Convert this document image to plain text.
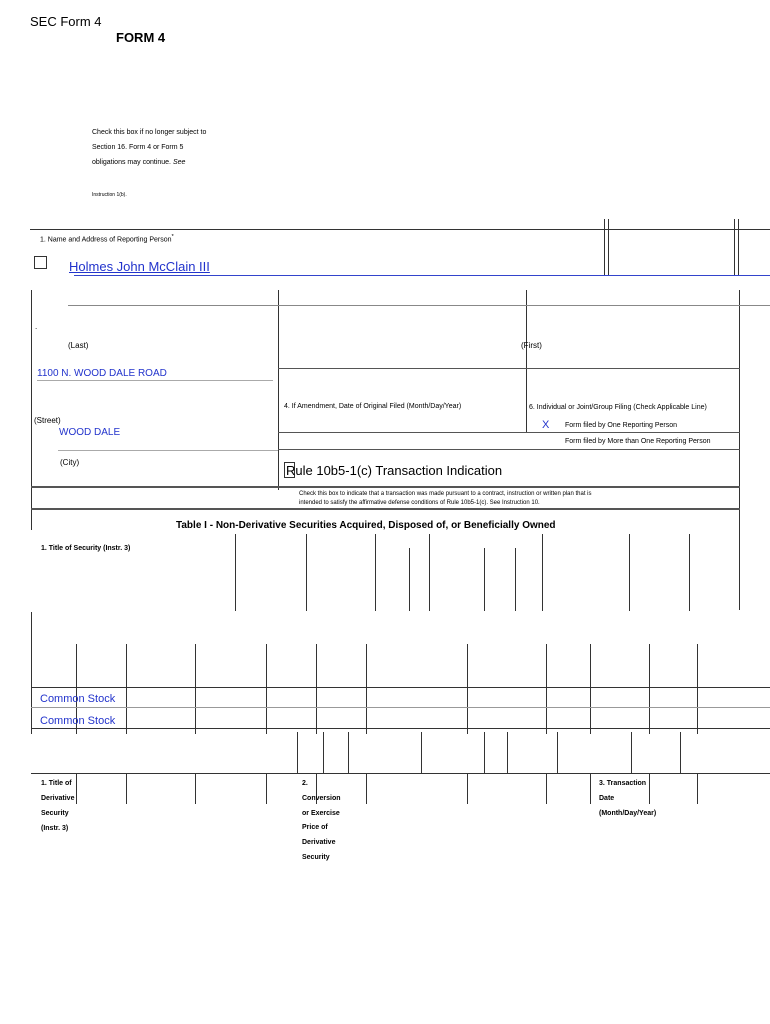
SEC Form 4
FORM 4
Check this box if no longer subject to
Section 16. Form 4 or Form 5
obligations may continue. See
Instruction 1(b).
1. Name and Address of Reporting Person*
Holmes John McClain III
.
(Last)	(First)
1100 N. WOOD DALE ROAD
4. If Amendment, Date of Original Filed (Month/Day/Year)	6. Individual or Joint/Group Filing (Check Applicable Line)
(Street)	X Form filed by One Reporting Person
WOOD DALE
Form filed by More than One Reporting Person
(City)
Rule 10b5-1(c) Transaction Indication
Check this box to indicate that a transaction was made pursuant to a contract, instruction or written plan that is
intended to satisfy the affirmative defense conditions of Rule 10b5-1(c). See Instruction 10.
Table I - Non-Derivative Securities Acquired, Disposed of, or Beneficially Owned
1. Title of Security (Instr. 3)
Common Stock
Common Stock
1. Title of
Derivative
Security
(Instr. 3)
2.
Conversion
or Exercise
Price of
Derivative
Security
3. Transaction
Date
(Month/Day/Year)
